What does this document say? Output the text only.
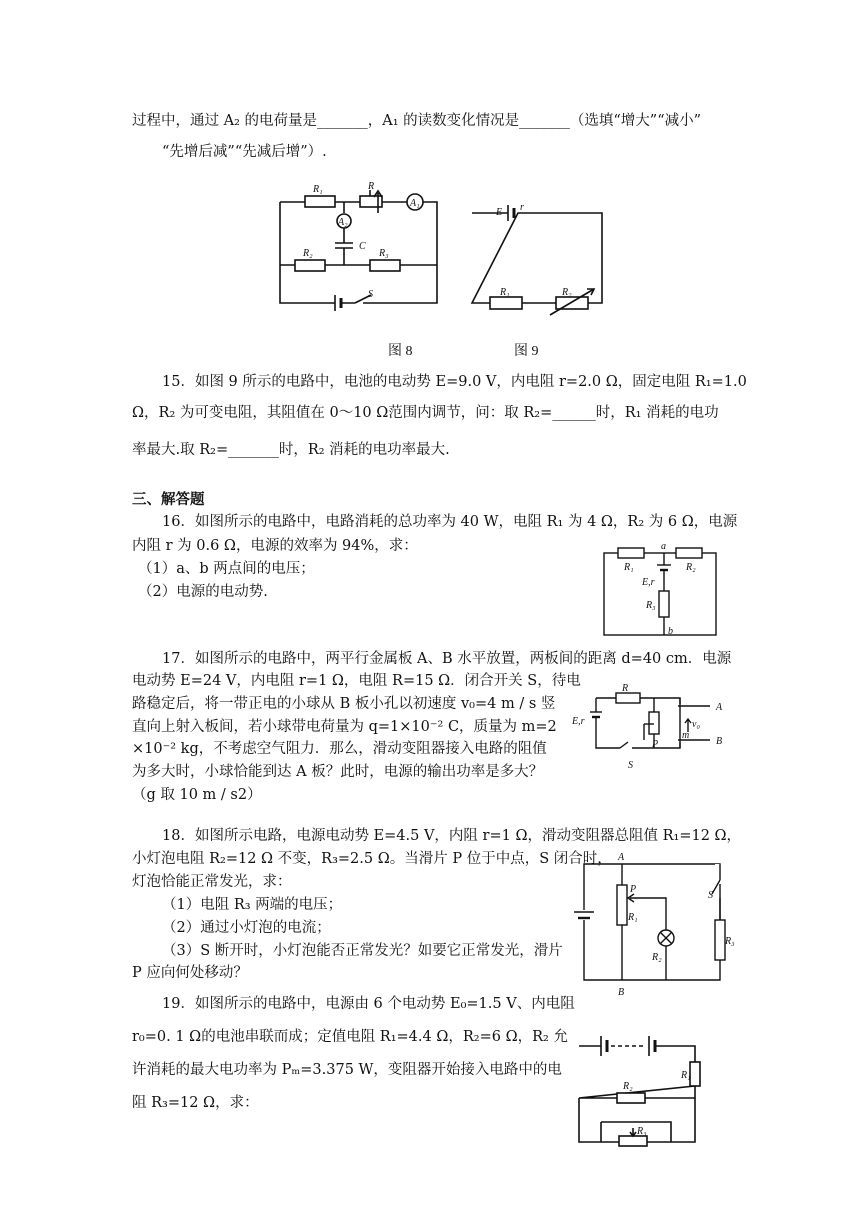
过程中，通过 A₂ 的电荷量是_______，A₁ 的读数变化情况是_______（选填“增大”“减小”
“先增后减”“先减后增”）.
R₁	R
A₁
A₂
C
R₂	R₃
S
E r
R₁	R₂
图 8	图 9
15．如图 9 所示的电路中，电池的电动势 E=9.0 V，内电阻 r=2.0 Ω，固定电阻 R₁=1.0
Ω，R₂ 为可变电阻，其阻值在 0～10 Ω范围内调节，问：取 R₂=______时，R₁ 消耗的电功
率最大.取 R₂=_______时，R₂ 消耗的电功率最大.
三、解答题
16．如图所示的电路中，电路消耗的总功率为 40 W，电阻 R₁ 为 4 Ω，R₂ 为 6 Ω，电源
内阻 r 为 0.6 Ω，电源的效率为 94%，求：
（1）a、b 两点间的电压；
（2）电源的电动势.
a
R₁	R₂
E,r
R₃
b
17．如图所示的电路中，两平行金属板 A、B 水平放置，两板间的距离 d=40 cm．电源
电动势 E=24 V，内电阻 r=1 Ω，电阻 R=15 Ω．闭合开关 S，待电
路稳定后，将一带正电的小球从 B 板小孔以初速度 v₀=4 m / s 竖
直向上射入板间，若小球带电荷量为 q=1×10⁻² C，质量为 m=2
×10⁻² kg，不考虑空气阻力．那么，滑动变阻器接入电路的阻值
为多大时，小球恰能到达 A 板？此时，电源的输出功率是多大？
（g 取 10 m / s2）
R
E,r
P
A
B
v₀
m
S
18．如图所示电路，电源电动势 E=4.5 V，内阻 r=1 Ω，滑动变阻器总阻值 R₁=12 Ω，
小灯泡电阻 R₂=12 Ω 不变，R₃=2.5 Ω。当滑片 P 位于中点，S 闭合时，
灯泡恰能正常发光，求：
（1）电阻 R₃ 两端的电压；
（2）通过小灯泡的电流；
（3）S 断开时，小灯泡能否正常发光？如要它正常发光，滑片
P 应向何处移动？
A
B
P
R₁
R₂
S
R₃
19．如图所示的电路中，电源由 6 个电动势 E₀=1.5 V、内电阻
r₀=0. 1 Ω的电池串联而成；定值电阻 R₁=4.4 Ω，R₂=6 Ω，R₂ 允
许消耗的最大电功率为 Pₘ=3.375 W，变阻器开始接入电路中的电
阻 R₃=12 Ω，求：
R₁
R₂
R₃
